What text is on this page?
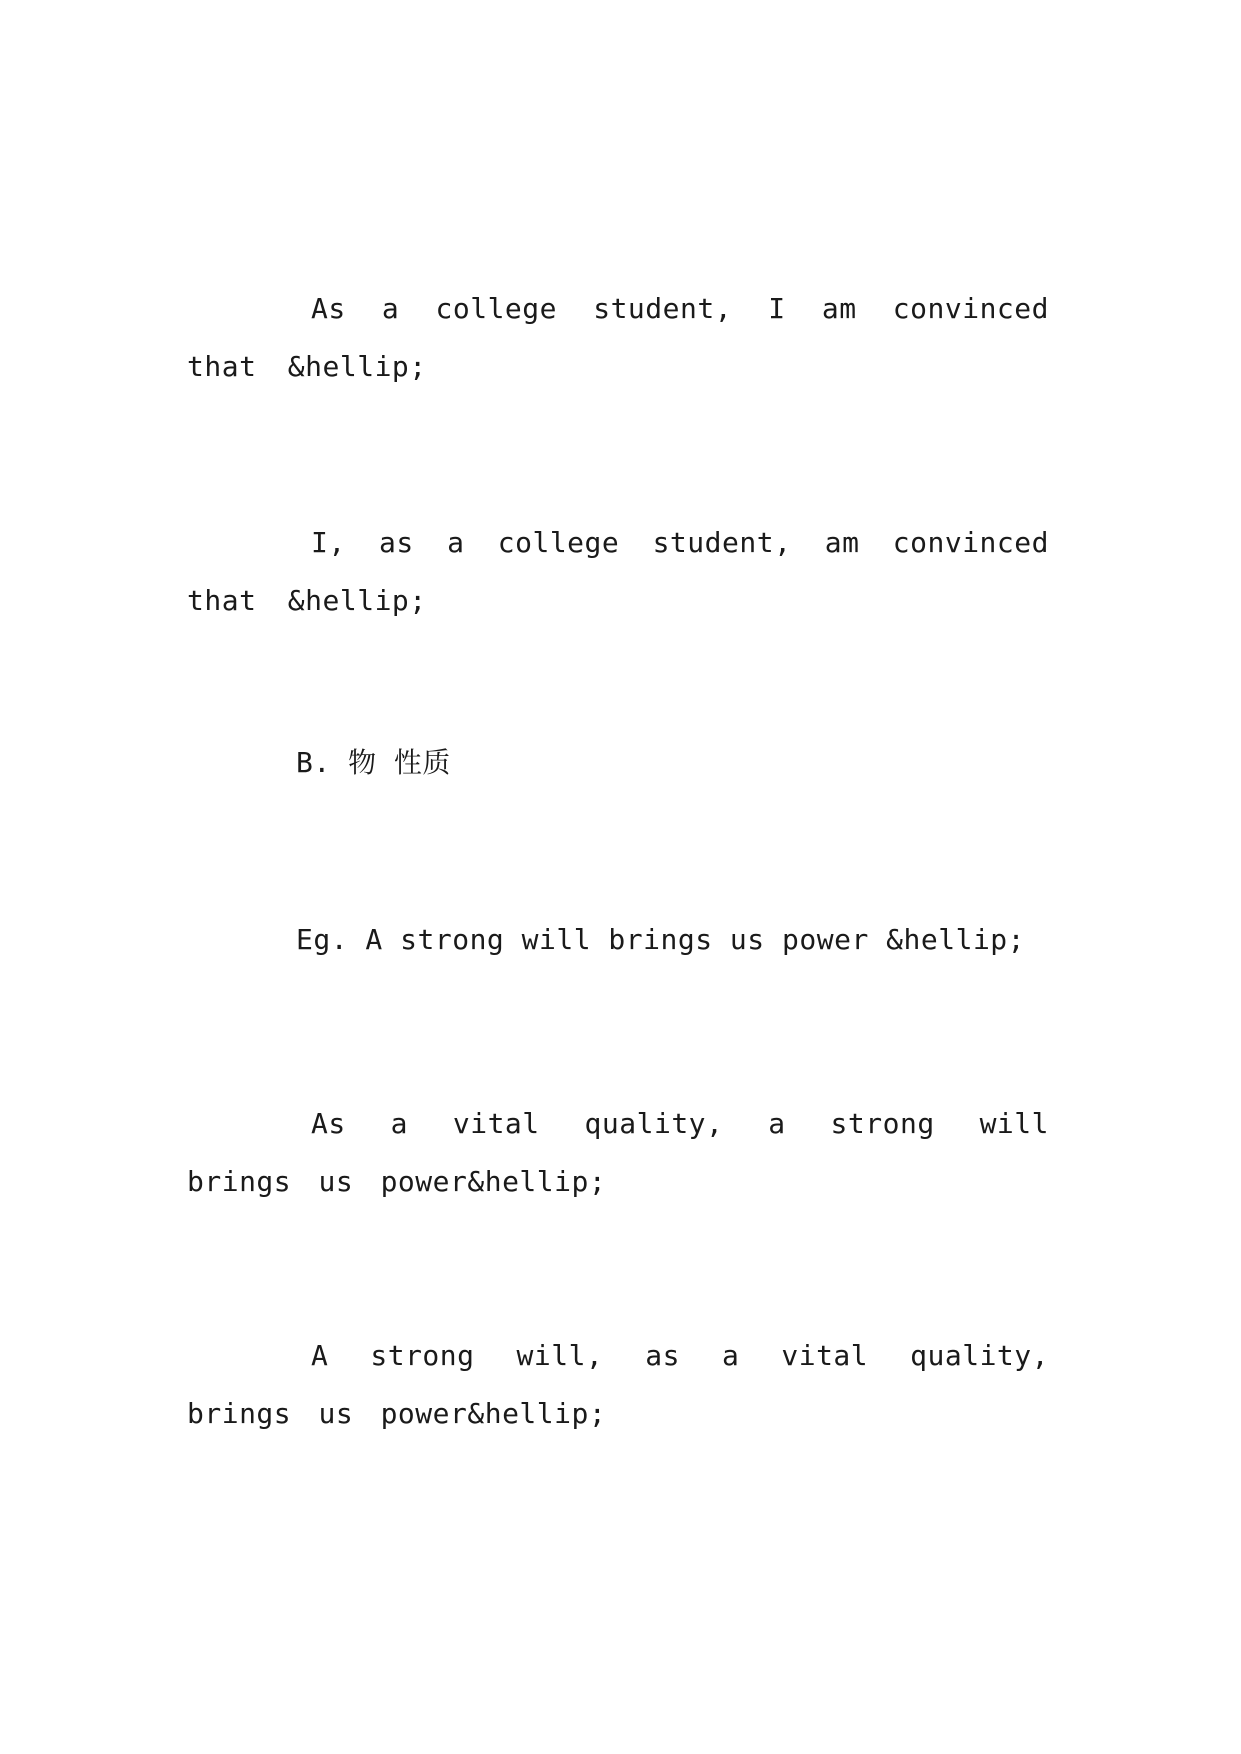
As a college student, I am convinced that &hellip;
I, as a college student, am convinced that &hellip;
B. 物 性质
Eg. A strong will brings us power &hellip;
As a vital quality, a strong will brings us power&hellip;
A strong will, as a vital quality, brings us power&hellip;
